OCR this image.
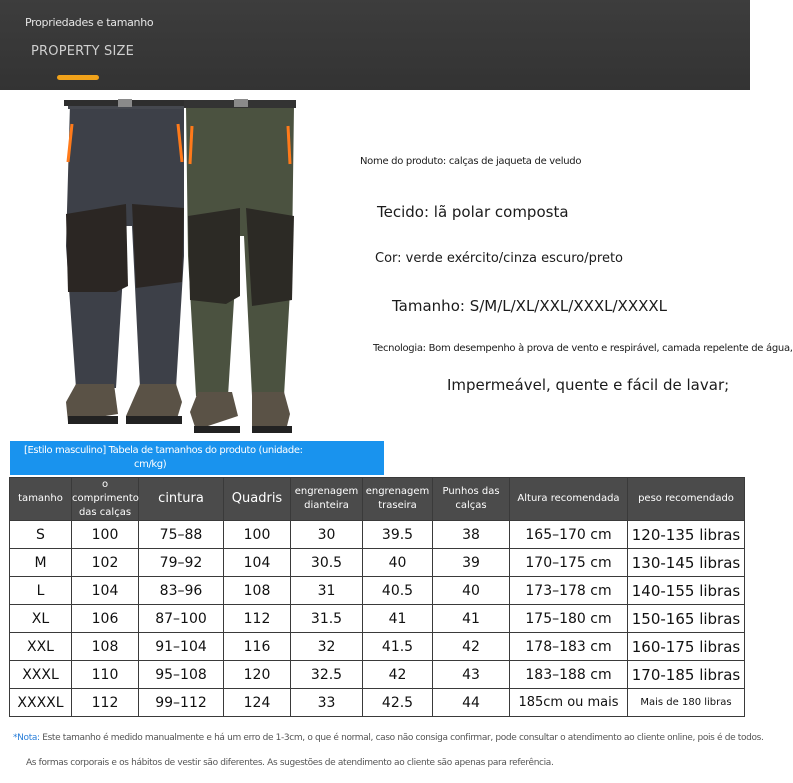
Propriedades e tamanho
PROPERTY SIZE
Nome do produto: calças de jaqueta de veludo
Tecido: lã polar composta
Cor: verde exército/cinza escuro/preto
Tamanho: S/M/L/XL/XXL/XXXL/XXXXL
Tecnologia: Bom desempenho à prova de vento e respirável, camada repelente de água,
Impermeável, quente e fácil de lavar;
[Estilo masculino] Tabela de tamanhos do produto (unidade:
cm/kg)
tamanho	o comprimento das calças	cintura	Quadris	engrenagem dianteira	engrenagem traseira	Punhos das calças	Altura recomendada	peso recomendado
S	100	75–88	100	30	39.5	38	165–170 cm	120-135 libras
M	102	79–92	104	30.5	40	39	170–175 cm	130-145 libras
L	104	83–96	108	31	40.5	40	173–178 cm	140-155 libras
XL	106	87–100	112	31.5	41	41	175–180 cm	150-165 libras
XXL	108	91–104	116	32	41.5	42	178–183 cm	160-175 libras
XXXL	110	95–108	120	32.5	42	43	183–188 cm	170-185 libras
XXXXL	112	99–112	124	33	42.5	44	185cm ou mais	Mais de 180 libras
*Nota: Este tamanho é medido manualmente e há um erro de 1-3cm, o que é normal, caso não consiga confirmar, pode consultar o atendimento ao cliente online, pois é de todos.
As formas corporais e os hábitos de vestir são diferentes. As sugestões de atendimento ao cliente são apenas para referência.
